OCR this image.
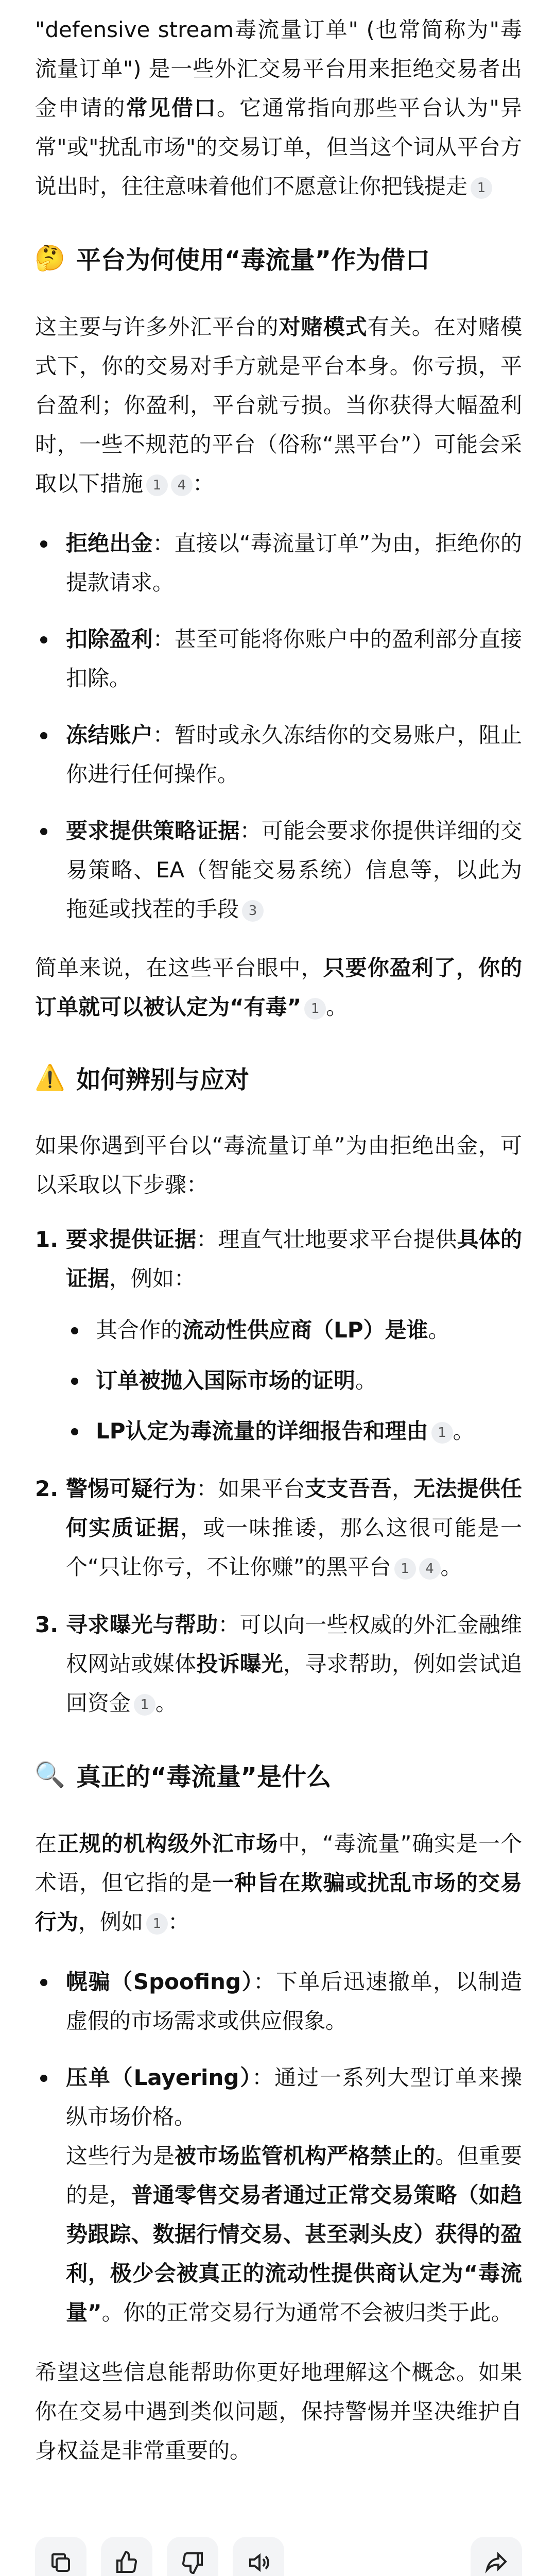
"defensive stream毒流量订单" (也常简称为"毒流量订单") 是一些外汇交易平台用来拒绝交易者出金申请的常见借口。它通常指向那些平台认为"异常"或"扰乱市场"的交易订单，但当这个词从平台方说出时，往往意味着他们不愿意让你把钱提走 1

🤔 平台为何使用“毒流量”作为借口

这主要与许多外汇平台的对赌模式有关。在对赌模式下，你的交易对手方就是平台本身。你亏损，平台盈利；你盈利，平台就亏损。当你获得大幅盈利时，一些不规范的平台（俗称“黑平台”）可能会采取以下措施 1 4 ：

拒绝出金：直接以“毒流量订单”为由，拒绝你的提款请求。
扣除盈利：甚至可能将你账户中的盈利部分直接扣除。
冻结账户：暂时或永久冻结你的交易账户，阻止你进行任何操作。
要求提供策略证据：可能会要求你提供详细的交易策略、EA（智能交易系统）信息等，以此为拖延或找茬的手段 3

简单来说，在这些平台眼中，只要你盈利了，你的订单就可以被认定为“有毒” 1 。

⚠️ 如何辨别与应对

如果你遇到平台以“毒流量订单”为由拒绝出金，可以采取以下步骤：

1. 要求提供证据：理直气壮地要求平台提供具体的证据，例如：
其合作的流动性供应商（LP）是谁。
订单被抛入国际市场的证明。
LP认定为毒流量的详细报告和理由 1 。
2. 警惕可疑行为：如果平台支支吾吾，无法提供任何实质证据，或一味推诿，那么这很可能是一个“只让你亏，不让你赚”的黑平台 1 4 。
3. 寻求曝光与帮助：可以向一些权威的外汇金融维权网站或媒体投诉曝光，寻求帮助，例如尝试追回资金 1 。
🔍 真正的“毒流量”是什么

在正规的机构级外汇市场中，“毒流量”确实是一个术语，但它指的是一种旨在欺骗或扰乱市场的交易行为，例如 1 ：

幌骗（Spoofing）：下单后迅速撤单，以制造虚假的市场需求或供应假象。
压单（Layering）：通过一系列大型订单来操纵市场价格。
这些行为是被市场监管机构严格禁止的。但重要的是，普通零售交易者通过正常交易策略（如趋势跟踪、数据行情交易、甚至剥头皮）获得的盈利，极少会被真正的流动性提供商认定为“毒流量”。你的正常交易行为通常不会被归类于此。

希望这些信息能帮助你更好地理解这个概念。如果你在交易中遇到类似问题，保持警惕并坚决维护自身权益是非常重要的。
